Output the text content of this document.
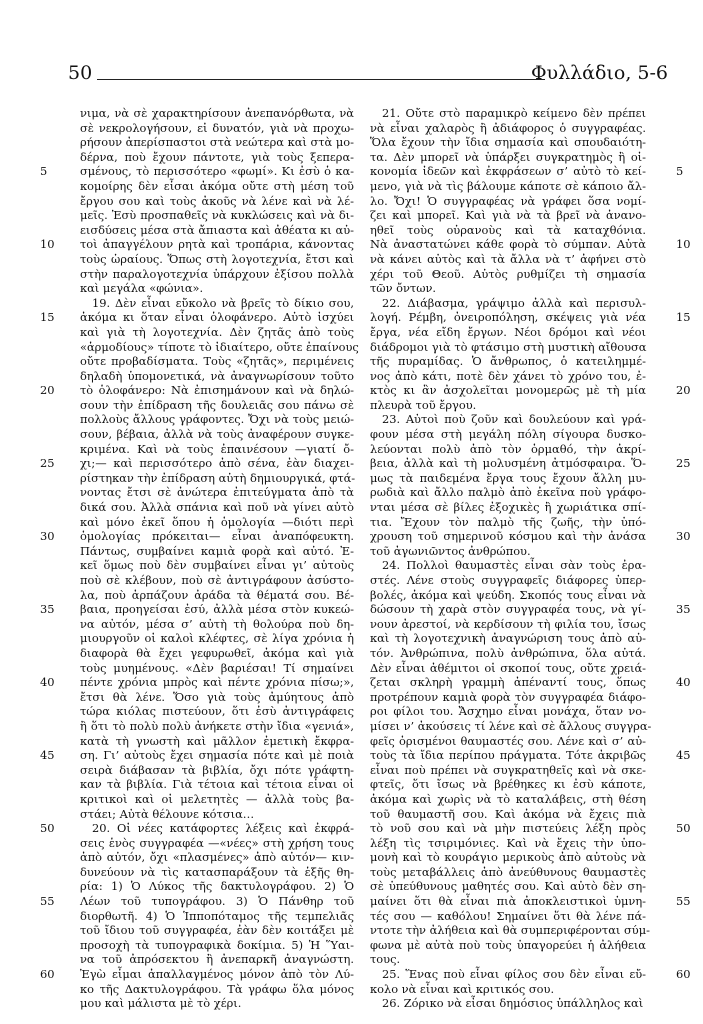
50	Φυλλάδιο, 5-6
νιμα, νὰ σὲ χαρακτηρίσουν ἀνεπανόρθωτα, νὰ
σὲ νεκρολογήσουν, εἰ δυνατόν, γιὰ νὰ προχω-
ρήσουν ἀπερίσπαστοι στὰ νεώτερα καὶ στὰ μο-
δέρνα, ποὺ ἔχουν πάντοτε, γιὰ τοὺς ξεπερα-
σμένους, τὸ περισσότερο «φωμί». Κι ἐσὺ ὁ κα-
κομοίρης δὲν εἶσαι ἀκόμα οὔτε στὴ μέση τοῦ
ἔργου σου καὶ τοὺς ἀκοῦς νὰ λένε καὶ νὰ λέ-
μεῖς. Ἐσὺ προσπαθεῖς νὰ κυκλώσεις καὶ νὰ δι-
εισδύσεις μέσα στὰ ἄπιαστα καὶ ἀθέατα κι αὐ-
τοὶ ἀπαγγέλουν ρητὰ καὶ τροπάρια, κάνοντας
τοὺς ὡραίους. Ὅπως στὴ λογοτεχνία, ἔτσι καὶ
στὴν παραλογοτεχνία ὑπάρχουν ἐξίσου πολλὰ
καὶ μεγάλα «φώνια».
19. Δὲν εἶναι εὔκολο νὰ βρεῖς τὸ δίκιο σου,
ἀκόμα κι ὅταν εἶναι ὁλοφάνερο. Αὐτὸ ἰσχύει
καὶ γιὰ τὴ λογοτεχνία. Δὲν ζητᾶς ἀπὸ τοὺς
«ἁρμοδίους» τίποτε τὸ ἰδιαίτερο, οὔτε ἐπαίνους
οὔτε προβαδίσματα. Τοὺς «ζητᾶς», περιμένεις
δηλαδὴ ὑπομονετικά, νὰ ἀναγνωρίσουν τοῦτο
τὸ ὁλοφάνερο: Νὰ ἐπισημάνουν καὶ νὰ δηλώ-
σουν τὴν ἐπίδραση τῆς δουλειᾶς σου πάνω σὲ
πολλοὺς ἄλλους γράφοντες. Ὄχι νὰ τοὺς μειώ-
σουν, βέβαια, ἀλλὰ νὰ τοὺς ἀναφέρουν συγκε-
κριμένα. Καὶ νὰ τοὺς ἐπαινέσουν —γιατί ὄ-
χι;— καὶ περισσότερο ἀπὸ σένα, ἐὰν διαχει-
ρίστηκαν τὴν ἐπίδραση αὐτὴ δημιουργικά, φτά-
νοντας ἔτσι σὲ ἀνώτερα ἐπιτεύγματα ἀπὸ τὰ
δικά σου. Ἀλλὰ σπάνια καὶ ποῦ νὰ γίνει αὐτὸ
καὶ μόνο ἐκεῖ ὅπου ἡ ὁμολογία —διότι περὶ
ὁμολογίας πρόκειται— εἶναι ἀναπόφευκτη.
Πάντως, συμβαίνει καμιὰ φορὰ καὶ αὐτό. Ἐ-
κεῖ ὅμως ποὺ δὲν συμβαίνει εἶναι γι’ αὐτοὺς
ποὺ σὲ κλέβουν, ποὺ σὲ ἀντιγράφουν ἀσύστο-
λα, ποὺ ἁρπάζουν ἀράδα τὰ θέματά σου. Βέ-
βαια, προηγείσαι ἐσύ, ἀλλὰ μέσα στὸν κυκεώ-
να αὐτόν, μέσα σ’ αὐτὴ τὴ θολούρα ποὺ δη-
μιουργοῦν οἱ καλοὶ κλέφτες, σὲ λίγα χρόνια ἡ
διαφορὰ θὰ ἔχει γεφυρωθεῖ, ἀκόμα καὶ γιὰ
τοὺς μυημένους. «Δὲν βαριέσαι! Τί σημαίνει
πέντε χρόνια μπρὸς καὶ πέντε χρόνια πίσω;»,
ἔτσι θὰ λένε. Ὅσο γιὰ τοὺς ἀμύητους ἀπὸ
τώρα κιόλας πιστεύουν, ὅτι ἐσὺ ἀντιγράφεις
ἢ ὅτι τὸ πολὺ πολὺ ἀνήκετε στὴν ἴδια «γενιά»,
κατὰ τὴ γνωστὴ καὶ μᾶλλον ἐμετικὴ ἔκφρα-
ση. Γι’ αὐτοὺς ἔχει σημασία πότε καὶ μὲ ποιὰ
σειρὰ διάβασαν τὰ βιβλία, ὄχι πότε γράφτη-
καν τὰ βιβλία. Γιὰ τέτοια καὶ τέτοια εἶναι οἱ
κριτικοὶ καὶ οἱ μελετητὲς — ἀλλὰ τοὺς βα-
στάει; Αὐτὰ θέλουνε κότσια…
20. Οἱ νέες κατάφορτες λέξεις καὶ ἐκφρά-
σεις ἑνὸς συγγραφέα —«νέες» στὴ χρήση τους
ἀπὸ αὐτόν, ὄχι «πλασμένες» ἀπὸ αὐτόν— κιν-
δυνεύουν νὰ τὶς κατασπαράξουν τὰ ἑξῆς θη-
ρία: 1) Ὁ Λύκος τῆς δακτυλογράφου. 2) Ὁ
Λέων τοῦ τυπογράφου. 3) Ὁ Πάνθηρ τοῦ
διορθωτῆ. 4) Ὁ Ἱπποπόταμος τῆς τεμπελιᾶς
τοῦ ἴδιου τοῦ συγγραφέα, ἐὰν δὲν κοιτάξει μὲ
προσοχὴ τὰ τυπογραφικὰ δοκίμια. 5) Ἡ Ὕαι-
να τοῦ ἀπρόσεκτου ἢ ἀνεπαρκῆ ἀναγνώστη.
Ἐγὼ εἶμαι ἀπαλλαγμένος μόνον ἀπὸ τὸν Λύ-
κο τῆς Δακτυλογράφου. Τὰ γράφω ὅλα μόνος
μου καὶ μάλιστα μὲ τὸ χέρι.
21. Οὔτε στὸ παραμικρὸ κείμενο δὲν πρέπει
νὰ εἶναι χαλαρὸς ἢ ἀδιάφορος ὁ συγγραφέας.
Ὅλα ἔχουν τὴν ἴδια σημασία καὶ σπουδαιότη-
τα. Δὲν μπορεῖ νὰ ὑπάρξει συγκρατημὸς ἢ οἰ-
κονομία ἰδεῶν καὶ ἐκφράσεων σ’ αὐτὸ τὸ κεί-
μενο, γιὰ νὰ τὶς βάλουμε κάποτε σὲ κάποιο ἄλ-
λο. Ὄχι! Ὁ συγγραφέας νὰ γράφει ὅσα νομί-
ζει καὶ μπορεῖ. Καὶ γιὰ νὰ τὰ βρεῖ νὰ ἀνανο-
ηθεῖ τοὺς οὐρανοὺς καὶ τὰ καταχθόνια.
Νὰ ἀναστατώνει κάθε φορὰ τὸ σύμπαν. Αὐτὰ
νὰ κάνει αὐτὸς καὶ τὰ ἄλλα νὰ τ’ ἀφήνει στὸ
χέρι τοῦ Θεοῦ. Αὐτὸς ρυθμίζει τὴ σημασία
τῶν ὄντων.
22. Διάβασμα, γράψιμο ἀλλὰ καὶ περισυλ-
λογή. Ρέμβη, ὀνειροπόληση, σκέψεις γιὰ νέα
ἔργα, νέα εἴδη ἔργων. Νέοι δρόμοι καὶ νέοι
διάδρομοι γιὰ τὸ φτάσιμο στὴ μυστικὴ αἴθουσα
τῆς πυραμίδας. Ὁ ἄνθρωπος, ὁ κατειλημμέ-
νος ἀπὸ κάτι, ποτὲ δὲν χάνει τὸ χρόνο του, ἐ-
κτὸς κι ἂν ἀσχολεῖται μονομερῶς μὲ τὴ μία
πλευρὰ τοῦ ἔργου.
23. Αὐτοὶ ποὺ ζοῦν καὶ δουλεύουν καὶ γρά-
φουν μέσα στὴ μεγάλη πόλη σίγουρα δυσκο-
λεύονται πολὺ ἀπὸ τὸν ὁρμαθό, τὴν ἀκρί-
βεια, ἀλλὰ καὶ τὴ μολυσμένη ἀτμόσφαιρα. Ὅ-
μως τὰ παιδεμένα ἔργα τους ἔχουν ἄλλη μυ-
ρωδιὰ καὶ ἄλλο παλμὸ ἀπὸ ἐκεῖνα ποὺ γράφο-
νται μέσα σὲ βίλες ἐξοχικὲς ἢ χωριάτικα σπί-
τια. Ἔχουν τὸν παλμὸ τῆς ζωῆς, τὴν ὑπό-
χρουση τοῦ σημερινοῦ κόσμου καὶ τὴν ἀνάσα
τοῦ ἀγωνιῶντος ἀνθρώπου.
24. Πολλοὶ θαυμαστὲς εἶναι σὰν τοὺς ἐρα-
στές. Λένε στοὺς συγγραφεῖς διάφορες ὑπερ-
βολές, ἀκόμα καὶ ψεύδη. Σκοπός τους εἶναι νὰ
δώσουν τὴ χαρὰ στὸν συγγραφέα τους, νὰ γί-
νουν ἀρεστοί, νὰ κερδίσουν τὴ φιλία του, ἴσως
καὶ τὴ λογοτεχνικὴ ἀναγνώριση τους ἀπὸ αὐ-
τόν. Ἀνθρώπινα, πολὺ ἀνθρώπινα, ὅλα αὐτά.
Δὲν εἶναι ἀθέμιτοι οἱ σκοποί τους, οὔτε χρειά-
ζεται σκληρὴ γραμμὴ ἀπέναντί τους, ὅπως
προτρέπουν καμιὰ φορὰ τὸν συγγραφέα διάφο-
ροι φίλοι του. Ἄσχημο εἶναι μονάχα, ὅταν νο-
μίσει ν’ ἀκούσεις τί λένε καὶ σὲ ἄλλους συγγρα-
φεῖς ὁρισμένοι θαυμαστές σου. Λένε καὶ σ’ αὐ-
τοὺς τὰ ἴδια περίπου πράγματα. Τότε ἀκριβῶς
εἶναι ποὺ πρέπει νὰ συγκρατηθεῖς καὶ νὰ σκε-
φτεῖς, ὅτι ἴσως νὰ βρέθηκες κι ἐσὺ κάποτε,
ἀκόμα καὶ χωρὶς νὰ τὸ καταλάβεις, στὴ θέση
τοῦ θαυμαστῆ σου. Καὶ ἀκόμα νὰ ἔχεις πιὰ
τὸ νοῦ σου καὶ νὰ μὴν πιστεύεις λέξη πρὸς
λέξη τὶς τσιριμόνιες. Καὶ νὰ ἔχεις τὴν ὑπο-
μονὴ καὶ τὸ κουράγιο μερικοὺς ἀπὸ αὐτοὺς νὰ
τοὺς μεταβάλλεις ἀπὸ ἀνεύθυνους θαυμαστὲς
σὲ ὑπεύθυνους μαθητές σου. Καὶ αὐτὸ δὲν ση-
μαίνει ὅτι θὰ εἶναι πιὰ ἀποκλειστικοὶ ὑμνη-
τές σου — καθόλου! Σημαίνει ὅτι θὰ λένε πά-
ντοτε τὴν ἀλήθεια καὶ θὰ συμπεριφέρονται σύμ-
φωνα μὲ αὐτὰ ποὺ τοὺς ὑπαγορεύει ἡ ἀλήθεια
τους.
25. Ἕνας ποὺ εἶναι φίλος σου δὲν εἶναι εὔ-
κολο νὰ εἶναι καὶ κριτικός σου.
26. Ζόρικο νὰ εἶσαι δημόσιος ὑπάλληλος καὶ
5
10
15
20
25
30
35
40
45
50
55
60
5
10
15
20
25
30
35
40
45
50
55
60
